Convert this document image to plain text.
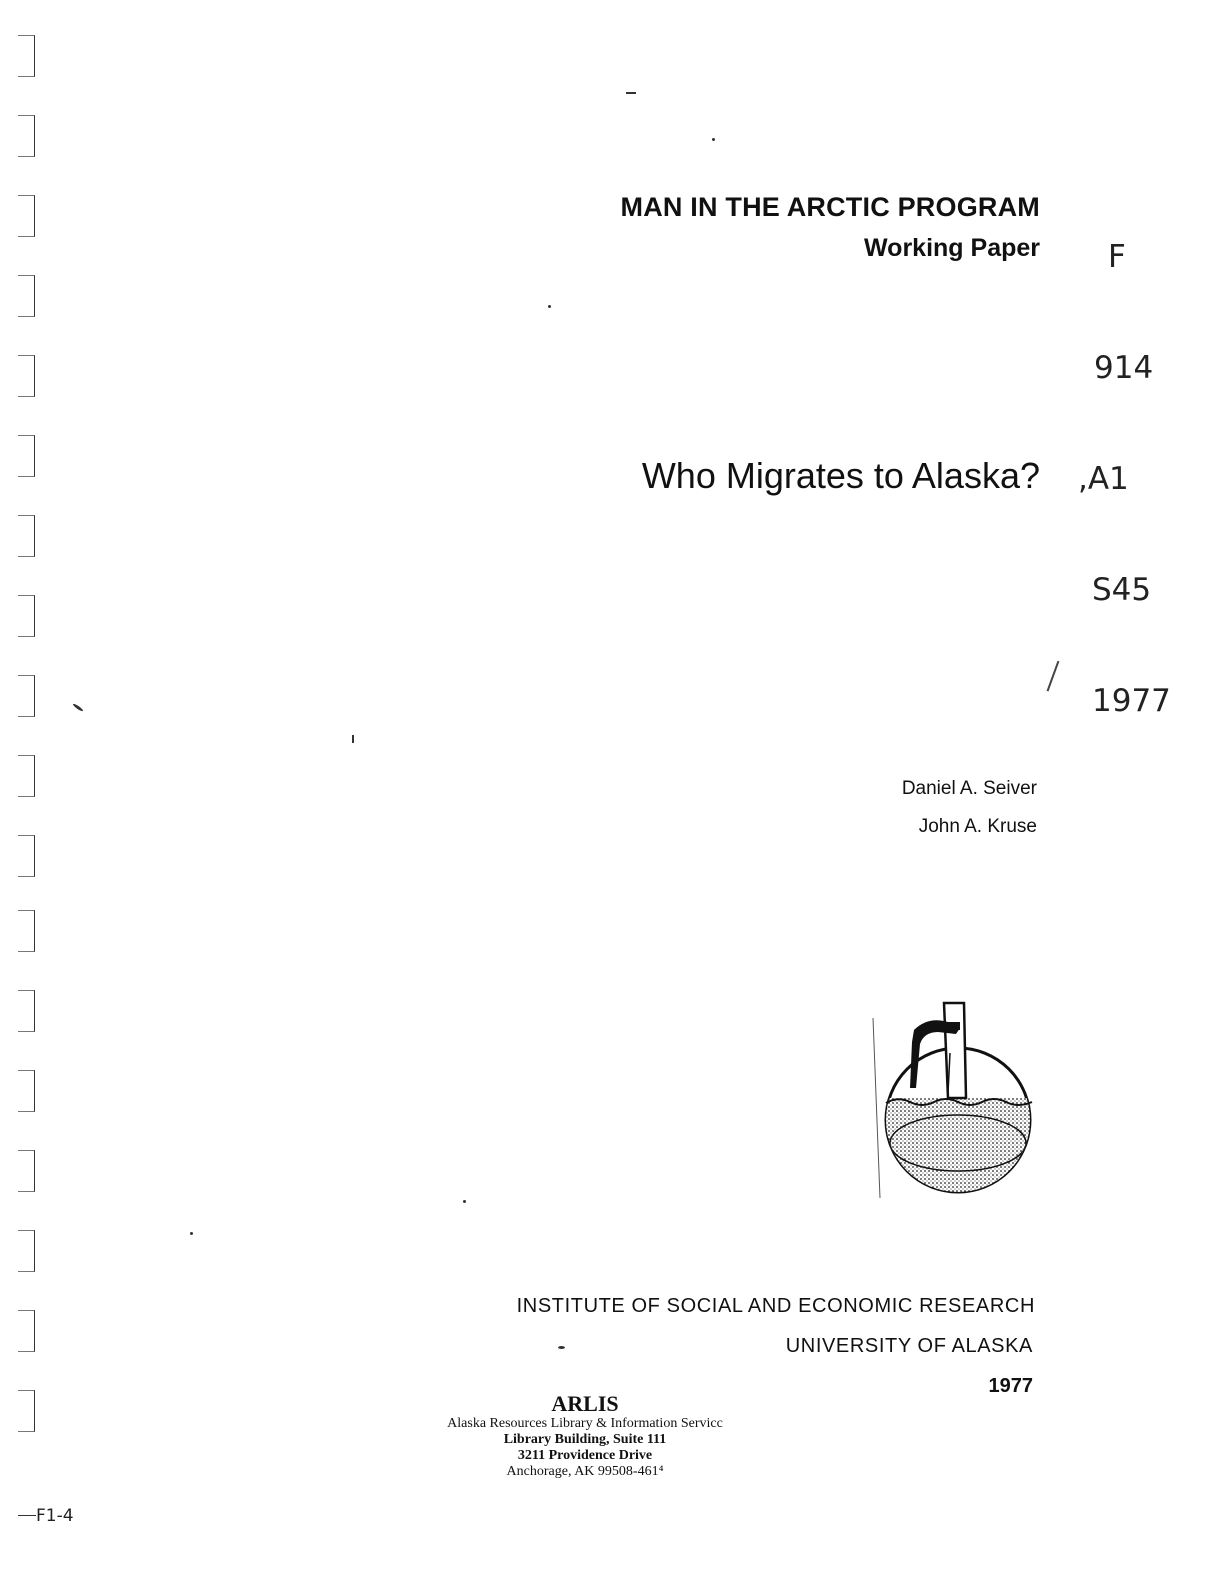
MAN IN THE ARCTIC PROGRAM
Working Paper

	F

914

,A1

S45

1977

Who Migrates to Alaska?
Daniel A. Seiver
John A. Kruse
INSTITUTE OF SOCIAL AND ECONOMIC RESEARCH
UNIVERSITY OF ALASKA
1977
ARLIS
Alaska Resources Library & Information Servicс
Library Building, Suite 111
3211 Providence Drive
Anchorage, AK 99508-461⁴
F1-4
